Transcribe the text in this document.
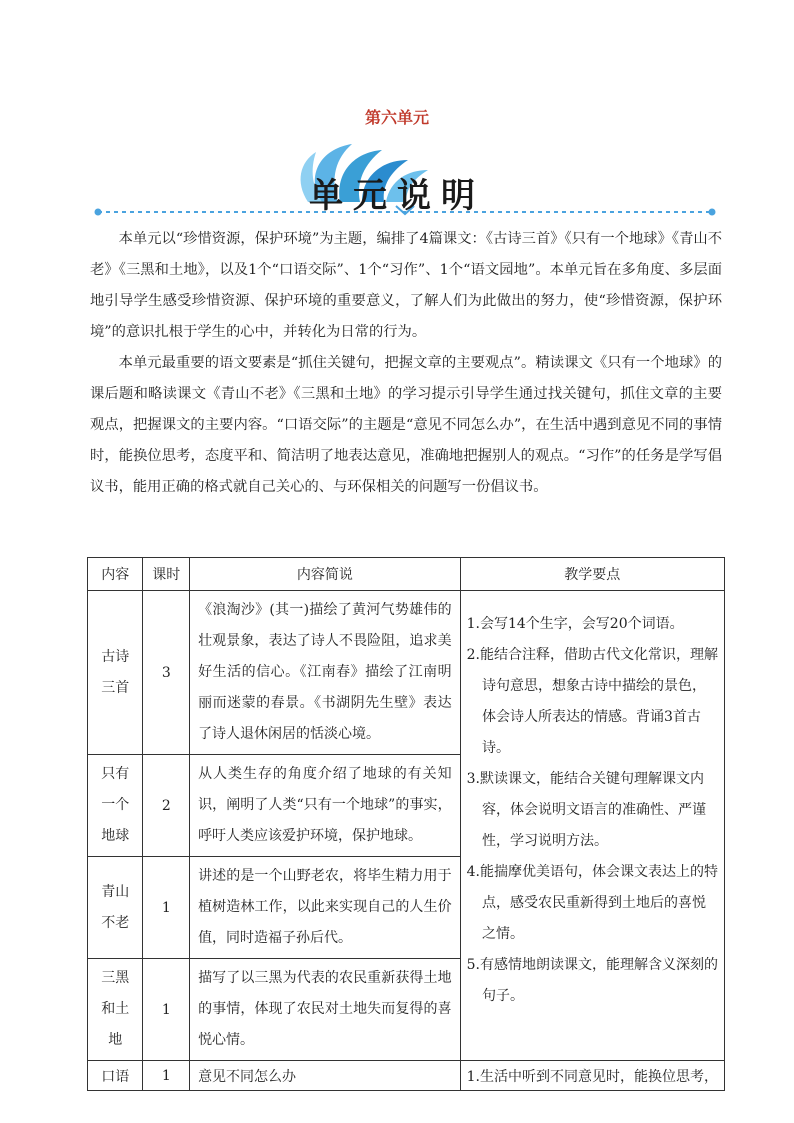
第六单元
单元说明

本单元以“珍惜资源，保护环境”为主题，编排了4篇课文：《古诗三首》《只有一个地球》《青山不老》《三黑和土地》，以及1个“口语交际”、1个“习作”、1个“语文园地”。本单元旨在多角度、多层面地引导学生感受珍惜资源、保护环境的重要意义，了解人们为此做出的努力，使“珍惜资源，保护环境”的意识扎根于学生的心中，并转化为日常的行为。

本单元最重要的语文要素是“抓住关键句，把握文章的主要观点”。精读课文《只有一个地球》的课后题和略读课文《青山不老》《三黑和土地》的学习提示引导学生通过找关键句，抓住文章的主要观点，把握课文的主要内容。“口语交际”的主题是“意见不同怎么办”，在生活中遇到意见不同的事情时，能换位思考，态度平和、简洁明了地表达意见，准确地把握别人的观点。“习作”的任务是学写倡议书，能用正确的格式就自己关心的、与环保相关的问题写一份倡议书。

内容	课时	内容简说	教学要点
古诗三首	3	《浪淘沙》(其一)描绘了黄河气势雄伟的壮观景象，表达了诗人不畏险阻，追求美好生活的信心。《江南春》描绘了江南明丽而迷蒙的春景。《书湖阴先生壁》表达了诗人退休闲居的恬淡心境。	1.会写14个生字，会写20个词语。

2.能结合注释，借助古代文化常识，理解诗句意思，想象古诗中描绘的景色，体会诗人所表达的情感。背诵3首古诗。

3.默读课文，能结合关键句理解课文内容，体会说明文语言的准确性、严谨性，学习说明方法。

4.能揣摩优美语句，体会课文表达上的特点，感受农民重新得到土地后的喜悦之情。

5.有感情地朗读课文，能理解含义深刻的句子。

只有一个地球	2	从人类生存的角度介绍了地球的有关知识，阐明了人类“只有一个地球”的事实，呼吁人类应该爱护环境，保护地球。	
青山不老	1	讲述的是一个山野老农，将毕生精力用于植树造林工作，以此来实现自己的人生价值，同时造福子孙后代。	
三黑和土地	1	描写了以三黑为代表的农民重新获得土地的事情，体现了农民对土地失而复得的喜悦心情。	
口语	1	意见不同怎么办	1.生活中听到不同意见时，能换位思考，
